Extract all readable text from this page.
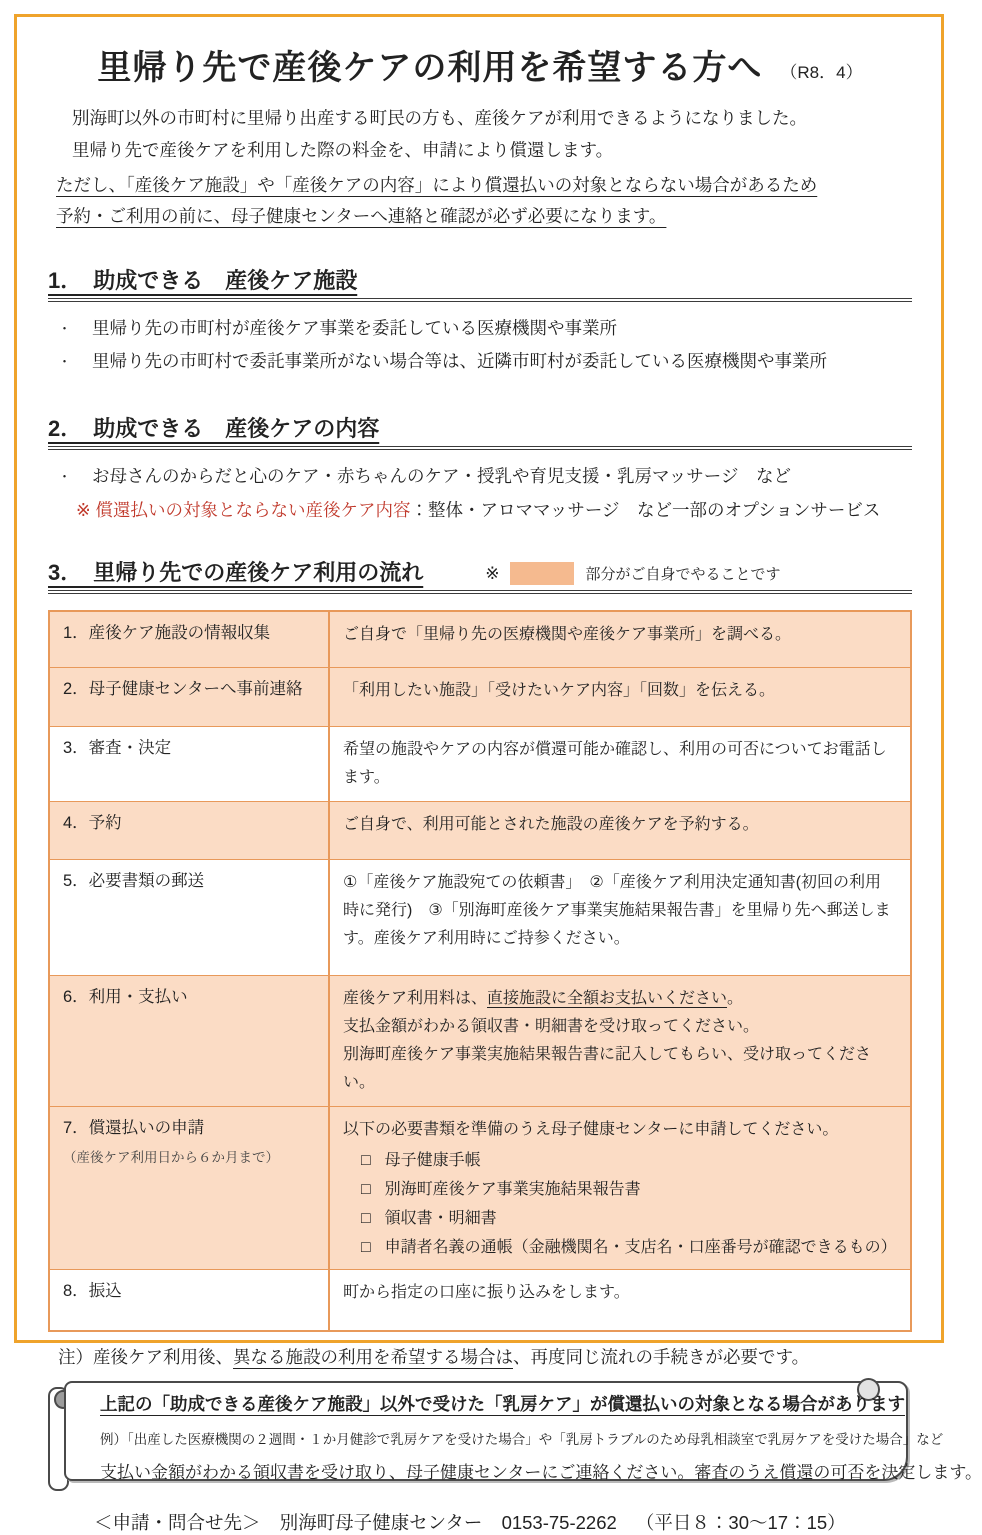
里帰り先で産後ケアの利用を希望する方へ （R8．4）

別海町以外の市町村に里帰り出産する町民の方も、産後ケアが利用できるようになりました。

里帰り先で産後ケアを利用した際の料金を、申請により償還します。

ただし、「産後ケア施設」や「産後ケアの内容」により償還払いの対象とならない場合があるため

予約・ご利用の前に、母子健康センターへ連絡と確認が必ず必要になります。

1．　助成できる　産後ケア施設
・	里帰り先の市町村が産後ケア事業を委託している医療機関や事業所
・	里帰り先の市町村で委託事業所がない場合等は、近隣市町村が委託している医療機関や事業所
2．　助成できる　産後ケアの内容
・	お母さんのからだと心のケア・赤ちゃんのケア・授乳や育児支援・乳房マッサージ　など

※ 償還払いの対象とならない産後ケア内容：整体・アロママッサージ　など一部のオプションサービス

3．　里帰り先での産後ケア利用の流れ	※	部分がご自身でやることです
1．産後ケア施設の情報収集	ご自身で「里帰り先の医療機関や産後ケア事業所」を調べる。
2．母子健康センターへ事前連絡	「利用したい施設」「受けたいケア内容」「回数」を伝える。
3．審査・決定	希望の施設やケアの内容が償還可能か確認し、利用の可否についてお電話します。
4．予約	ご自身で、利用可能とされた施設の産後ケアを予約する。
5．必要書類の郵送	①「産後ケア施設宛ての依頼書」　②「産後ケア利用決定通知書(初回の利用時に発行)　③「別海町産後ケア事業実施結果報告書」を里帰り先へ郵送します。産後ケア利用時にご持参ください。
6．利用・支払い	産後ケア利用料は、直接施設に全額お支払いください。
支払金額がわかる領収書・明細書を受け取ってください。
別海町産後ケア事業実施結果報告書に記入してもらい、受け取ってください。
7．償還払いの申請
（産後ケア利用日から６か月まで）
以下の必要書類を準備のうえ母子健康センターに申請してください。
□ 母子健康手帳
□ 別海町産後ケア事業実施結果報告書
□ 領収書・明細書
□ 申請者名義の通帳（金融機関名・支店名・口座番号が確認できるもの）
8．振込	町から指定の口座に振り込みをします。

注）産後ケア利用後、異なる施設の利用を希望する場合は、再度同じ流れの手続きが必要です。

上記の「助成できる産後ケア施設」以外で受けた「乳房ケア」が償還払いの対象となる場合があります
例）「出産した医療機関の２週間・１か月健診で乳房ケアを受けた場合」や「乳房トラブルのため母乳相談室で乳房ケアを受けた場合」など
支払い金額がわかる領収書を受け取り、母子健康センターにご連絡ください。審査のうえ償還の可否を決定します。

＜申請・問合せ先＞ 別海町母子健康センター 0153-75-2262 （平日８：30～17：15）
